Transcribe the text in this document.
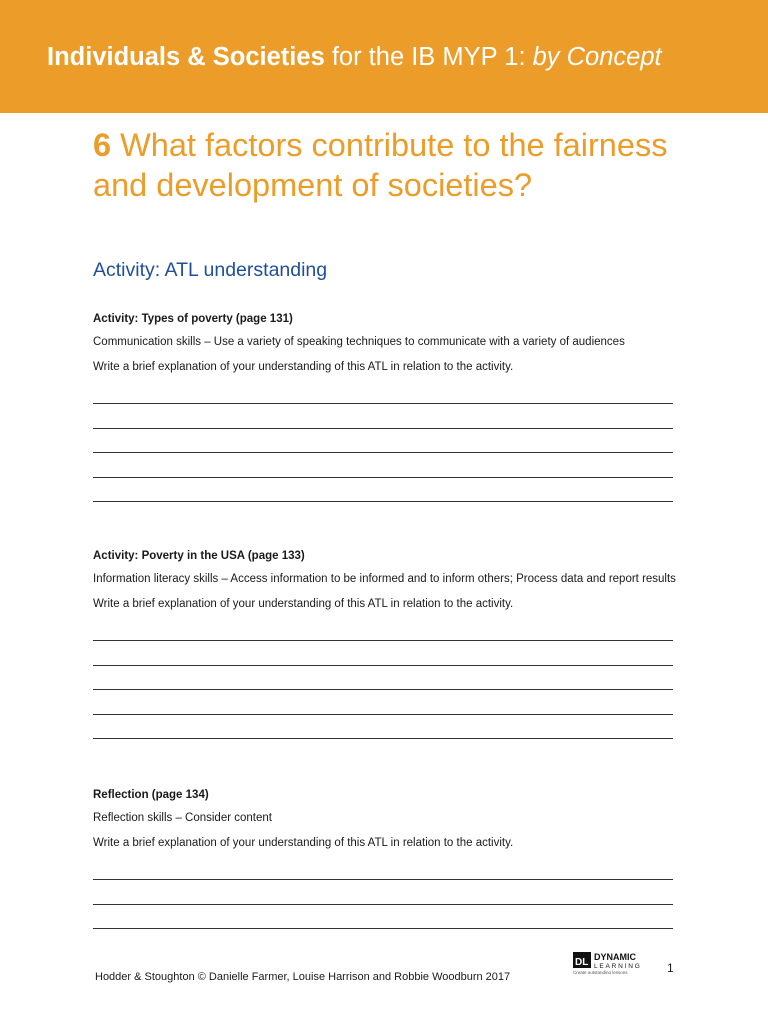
Individuals & Societies for the IB MYP 1: by Concept
6 What factors contribute to the fairness and development of societies?
Activity: ATL understanding
Activity: Types of poverty (page 131)
Communication skills – Use a variety of speaking techniques to communicate with a variety of audiences
Write a brief explanation of your understanding of this ATL in relation to the activity.
Activity: Poverty in the USA (page 133)
Information literacy skills – Access information to be informed and to inform others; Process data and report results
Write a brief explanation of your understanding of this ATL in relation to the activity.
Reflection (page 134)
Reflection skills – Consider content
Write a brief explanation of your understanding of this ATL in relation to the activity.
DL DYNAMIC
LEARNING
Create outstanding lessons	1
Hodder & Stoughton © Danielle Farmer, Louise Harrison and Robbie Woodburn 2017
